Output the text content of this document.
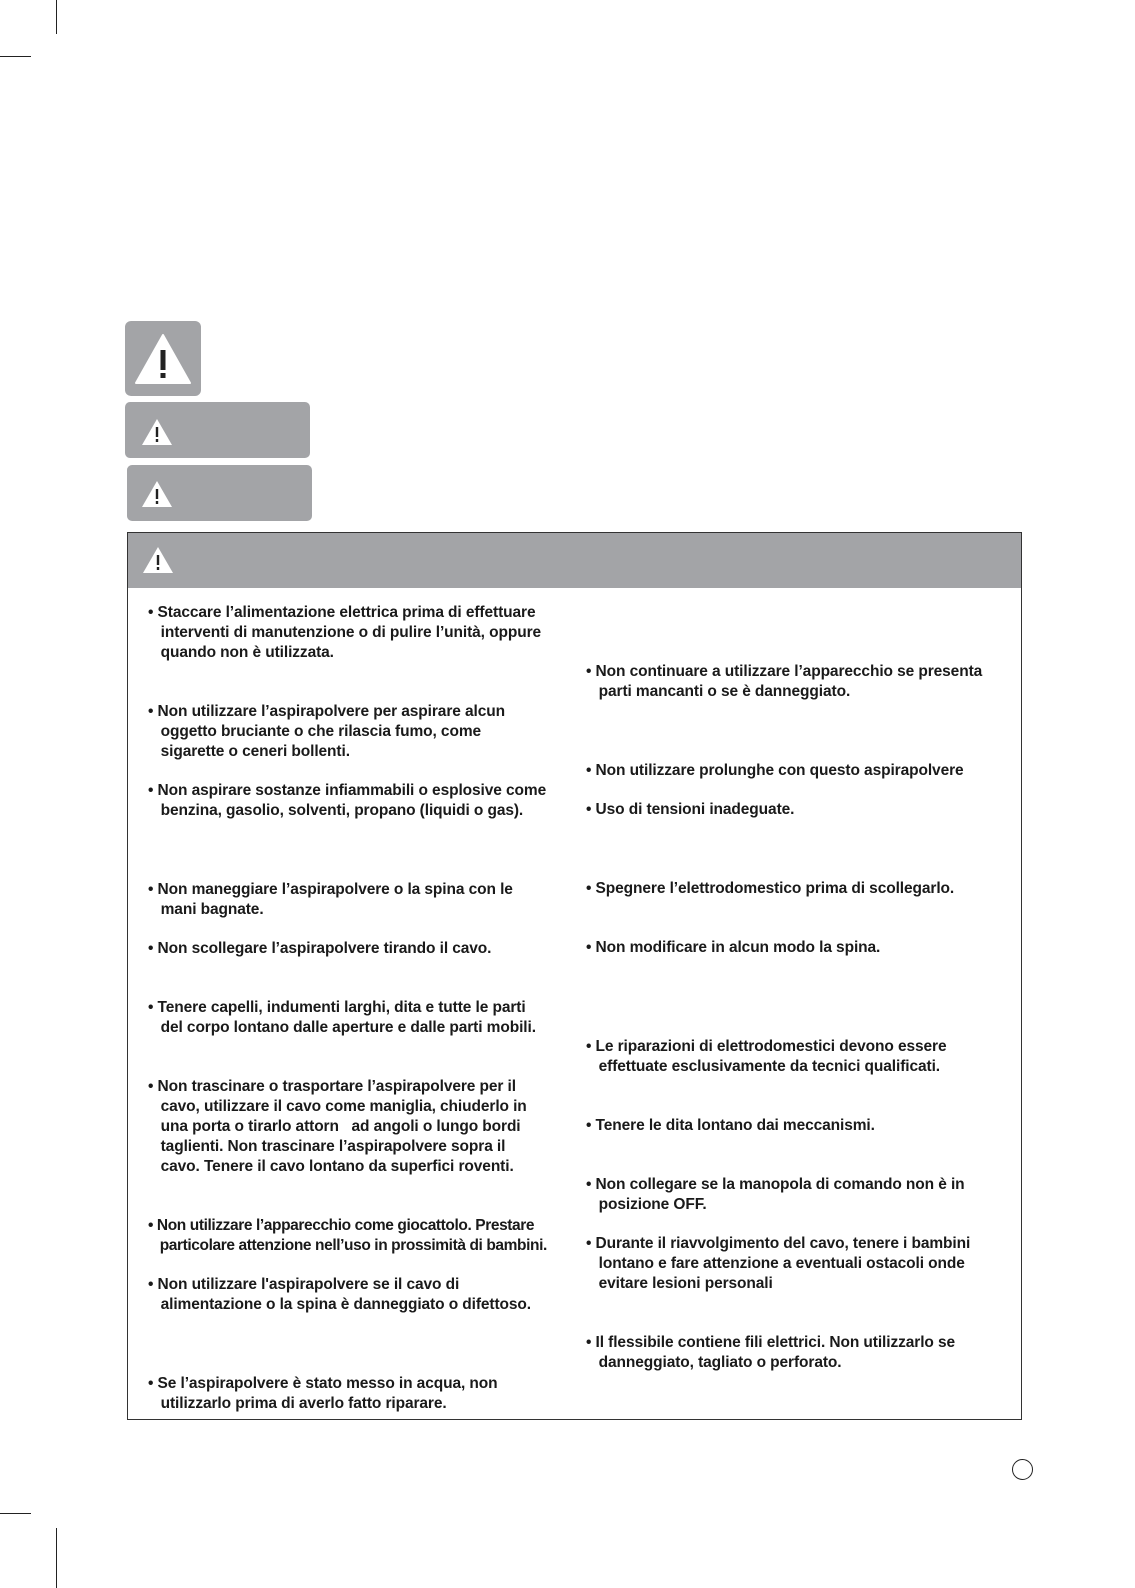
• Staccare l’alimentazione elettrica prima di effettuare
interventi di manutenzione o di pulire l’unità, oppure
quando non è utilizzata.
• Non utilizzare l’aspirapolvere per aspirare alcun
oggetto bruciante o che rilascia fumo, come
sigarette o ceneri bollenti.
• Non aspirare sostanze infiammabili o esplosive come
benzina, gasolio, solventi, propano (liquidi o gas).
• Non maneggiare l’aspirapolvere o la spina con le
mani bagnate.
• Non scollegare l’aspirapolvere tirando il cavo.
• Tenere capelli, indumenti larghi, dita e tutte le parti
del corpo lontano dalle aperture e dalle parti mobili.
• Non trascinare o trasportare l’aspirapolvere per il
cavo, utilizzare il cavo come maniglia, chiuderlo in
una porta o tirarlo attorn   ad angoli o lungo bordi
taglienti. Non trascinare l’aspirapolvere sopra il
cavo. Tenere il cavo lontano da superfici roventi.
• Non utilizzare l’apparecchio come giocattolo. Prestare
particolare attenzione nell’uso in prossimità di bambini.
• Non utilizzare l'aspirapolvere se il cavo di
alimentazione o la spina è danneggiato o difettoso.
• Se l’aspirapolvere è stato messo in acqua, non
utilizzarlo prima di averlo fatto riparare.
• Non continuare a utilizzare l’apparecchio se presenta
parti mancanti o se è danneggiato.
• Non utilizzare prolunghe con questo aspirapolvere
• Uso di tensioni inadeguate.
• Spegnere l’elettrodomestico prima di scollegarlo.
• Non modificare in alcun modo la spina.
• Le riparazioni di elettrodomestici devono essere
effettuate esclusivamente da tecnici qualificati.
• Tenere le dita lontano dai meccanismi.
• Non collegare se la manopola di comando non è in
posizione OFF.
• Durante il riavvolgimento del cavo, tenere i bambini
lontano e fare attenzione a eventuali ostacoli onde
evitare lesioni personali
• Il flessibile contiene fili elettrici. Non utilizzarlo se
danneggiato, tagliato o perforato.
